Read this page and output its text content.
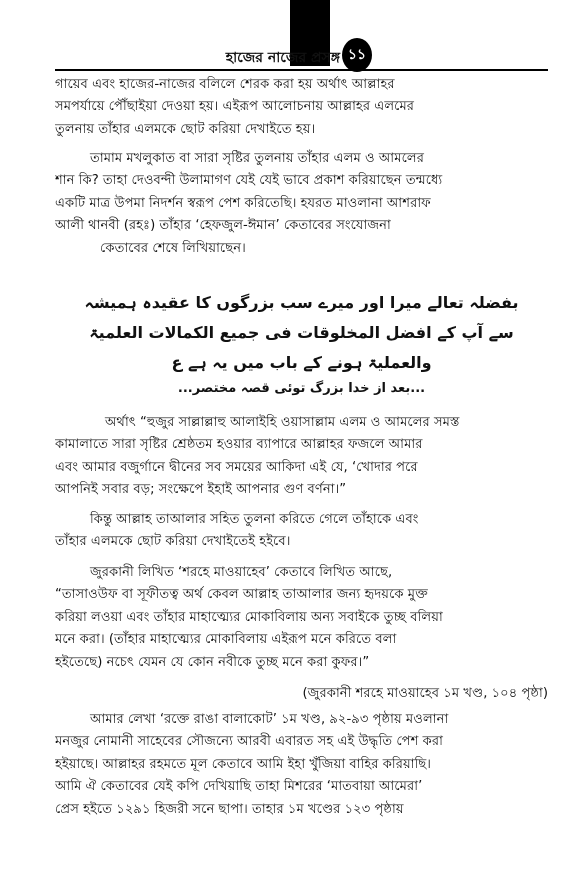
হাজের নাজের প্রসঙ্গ ১১
গায়েব এবং হাজের-নাজের বলিলে শেরক করা হয় অর্থাৎ আল্লাহর
সমপর্যায়ে পৌঁছাইয়া দেওয়া হয়। এইরূপ আলোচনায় আল্লাহর এলমের
তুলনায় তাঁহার এলমকে ছোট করিয়া দেখাইতে হয়।
তামাম মখলুকাত বা সারা সৃষ্টির তুলনায় তাঁহার এলম ও আমলের
শান কি? তাহা দেওবন্দী উলামাগণ যেই যেই ভাবে প্রকাশ করিয়াছেন তন্মধ্যে
একটি মাত্র উপমা নিদর্শন স্বরূপ পেশ করিতেছি। হযরত মাওলানা আশরাফ
আলী থানবী (রহঃ) তাঁহার ‘হেফজুল-ঈমান’ কেতাবের সংযোজনা
কেতাবের শেষে লিখিয়াছেন।
بفضلہ تعالے میرا اور میرے سب بزرگوں کا عقیدہ ہمیشہ
سے آپ کے افضل المخلوقات فی جمیع الکمالات العلمیۃ
والعملیۃ ہونے کے باب میں یہ ہے ع
...بعد از خدا بزرگ توئی قصہ مختصر...
অর্থাৎ “হুজুর সাল্লাল্লাহু আলাইহি ওয়াসাল্লাম এলম ও আমলের সমস্ত
কামালাতে সারা সৃষ্টির শ্রেষ্ঠতম হওয়ার ব্যাপারে আল্লাহর ফজলে আমার
এবং আমার বজুর্গানে দ্বীনের সব সময়ের আকিদা এই যে, ‘খোদার পরে
আপনিই সবার বড়; সংক্ষেপে ইহাই আপনার গুণ বর্ণনা।”
কিন্তু আল্লাহ তাআলার সহিত তুলনা করিতে গেলে তাঁহাকে এবং
তাঁহার এলমকে ছোট করিয়া দেখাইতেই হইবে।
জুরকানী লিখিত ‘শরহে মাওয়াহেব’ কেতাবে লিখিত আছে,
“তাসাওউফ বা সূফীতত্ব অর্থ কেবল আল্লাহ তাআলার জন্য হৃদয়কে মুক্ত
করিয়া লওয়া এবং তাঁহার মাহাত্ম্যের মোকাবিলায় অন্য সবাইকে তুচ্ছ বলিয়া
মনে করা। (তাঁহার মাহাত্ম্যের মোকাবিলায় এইরূপ মনে করিতে বলা
হইতেছে) নচেৎ যেমন যে কোন নবীকে তুচ্ছ মনে করা কুফর।”
(জুরকানী শরহে মাওয়াহেব ১ম খণ্ড, ১০৪ পৃষ্ঠা)
আমার লেখা ‘রক্তে রাঙা বালাকোট’ ১ম খণ্ড, ৯২-৯৩ পৃষ্ঠায় মওলানা
মনজুর নোমানী সাহেবের সৌজন্যে আরবী এবারত সহ এই উদ্ধৃতি পেশ করা
হইয়াছে। আল্লাহর রহমতে মূল কেতাবে আমি ইহা খুঁজিয়া বাহির করিয়াছি।
আমি ঐ কেতাবের যেই কপি দেখিয়াছি তাহা মিশরের ‘মাতবায়া আমেরা’
প্রেস হইতে ১২৯১ হিজরী সনে ছাপা। তাহার ১ম খণ্ডের ১২৩ পৃষ্ঠায়
